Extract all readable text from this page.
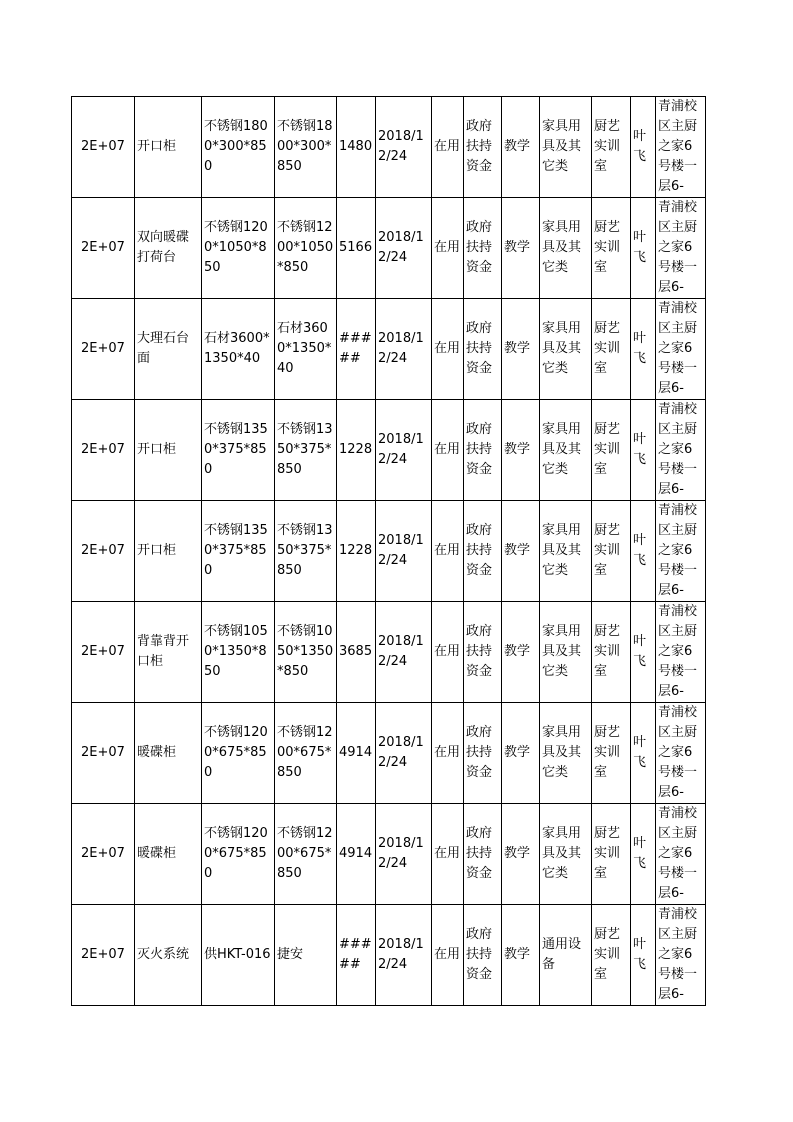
2E+07	开口柜	不锈钢1800*300*850	不锈钢1800*300*850	1480	2018/12/24	在用	政府扶持资金	教学	家具用具及其它类	厨艺实训室	叶飞	青浦校区主厨之家6号楼一层6-

2E+07	双向暖碟打荷台	不锈钢1200*1050*850	不锈钢1200*1050*850	5166	2018/12/24	在用	政府扶持资金	教学	家具用具及其它类	厨艺实训室	叶飞	青浦校区主厨之家6号楼一层6-

2E+07	大理石台面	石材3600*1350*40	石材3600*1350*40	#####	2018/12/24	在用	政府扶持资金	教学	家具用具及其它类	厨艺实训室	叶飞	青浦校区主厨之家6号楼一层6-

2E+07	开口柜	不锈钢1350*375*850	不锈钢1350*375*850	1228	2018/12/24	在用	政府扶持资金	教学	家具用具及其它类	厨艺实训室	叶飞	青浦校区主厨之家6号楼一层6-

2E+07	开口柜	不锈钢1350*375*850	不锈钢1350*375*850	1228	2018/12/24	在用	政府扶持资金	教学	家具用具及其它类	厨艺实训室	叶飞	青浦校区主厨之家6号楼一层6-

2E+07	背靠背开口柜	不锈钢1050*1350*850	不锈钢1050*1350*850	3685	2018/12/24	在用	政府扶持资金	教学	家具用具及其它类	厨艺实训室	叶飞	青浦校区主厨之家6号楼一层6-

2E+07	暖碟柜	不锈钢1200*675*850	不锈钢1200*675*850	4914	2018/12/24	在用	政府扶持资金	教学	家具用具及其它类	厨艺实训室	叶飞	青浦校区主厨之家6号楼一层6-

2E+07	暖碟柜	不锈钢1200*675*850	不锈钢1200*675*850	4914	2018/12/24	在用	政府扶持资金	教学	家具用具及其它类	厨艺实训室	叶飞	青浦校区主厨之家6号楼一层6-

2E+07	灭火系统	供HKT-016	捷安	#####	2018/12/24	在用	政府扶持资金	教学	通用设备	厨艺实训室	叶飞	青浦校区主厨之家6号楼一层6-
